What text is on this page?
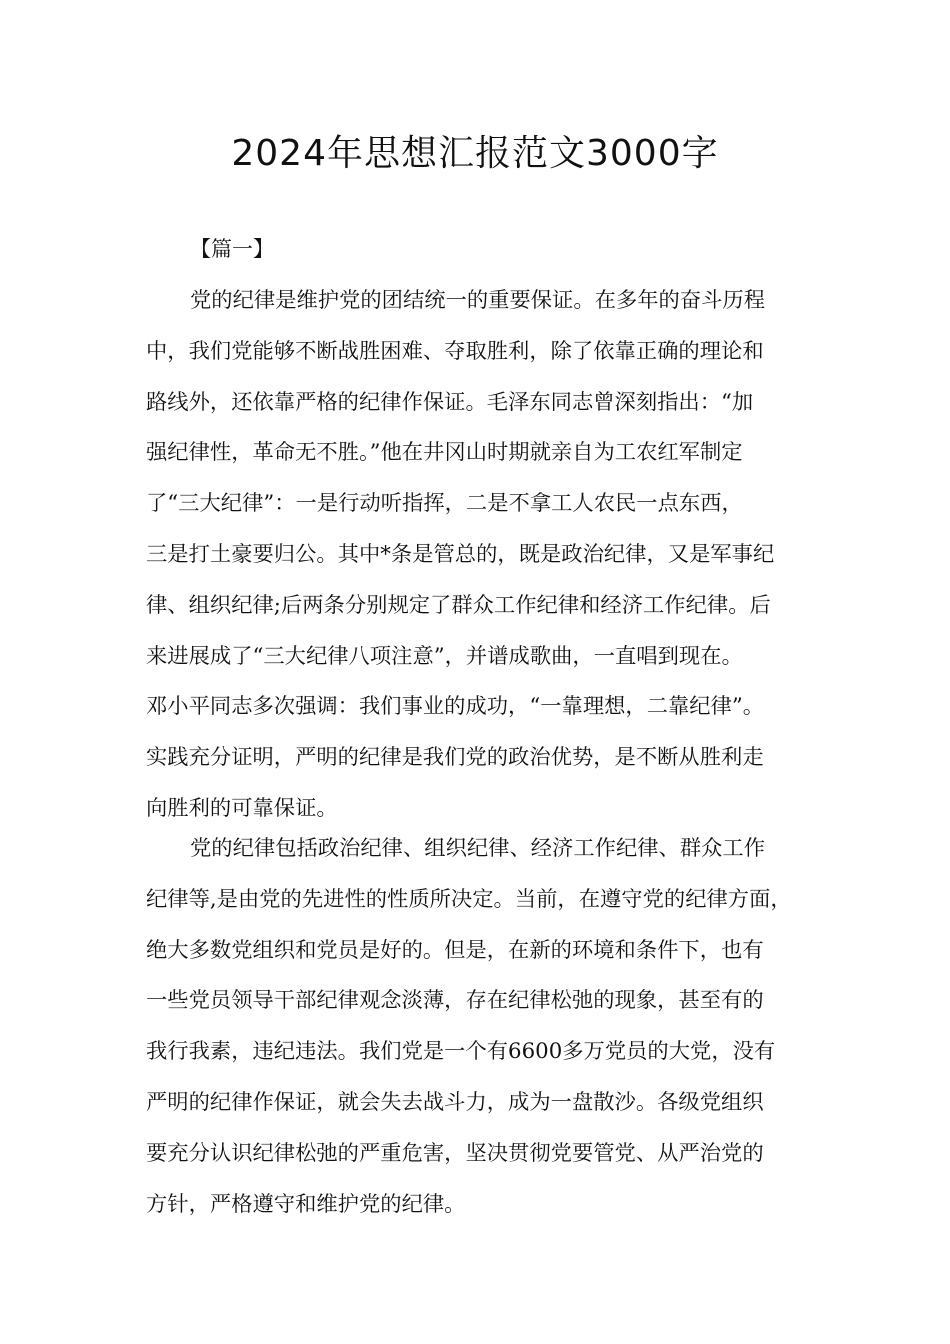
2024年思想汇报范文3000字
【篇一】
党的纪律是维护党的团结统一的重要保证。在多年的奋斗历程
中，我们党能够不断战胜困难、夺取胜利，除了依靠正确的理论和
路线外，还依靠严格的纪律作保证。毛泽东同志曾深刻指出：“加
强纪律性，革命无不胜。”他在井冈山时期就亲自为工农红军制定
了“三大纪律”：一是行动听指挥，二是不拿工人农民一点东西，
三是打土豪要归公。其中*条是管总的，既是政治纪律，又是军事纪
律、组织纪律;后两条分别规定了群众工作纪律和经济工作纪律。后
来进展成了“三大纪律八项注意”，并谱成歌曲，一直唱到现在。
邓小平同志多次强调：我们事业的成功，“一靠理想，二靠纪律”。
实践充分证明，严明的纪律是我们党的政治优势，是不断从胜利走
向胜利的可靠保证。
党的纪律包括政治纪律、组织纪律、经济工作纪律、群众工作
纪律等,是由党的先进性的性质所决定。当前，在遵守党的纪律方面，
绝大多数党组织和党员是好的。但是，在新的环境和条件下，也有
一些党员领导干部纪律观念淡薄，存在纪律松弛的现象，甚至有的
我行我素，违纪违法。我们党是一个有6600多万党员的大党，没有
严明的纪律作保证，就会失去战斗力，成为一盘散沙。各级党组织
要充分认识纪律松弛的严重危害，坚决贯彻党要管党、从严治党的
方针，严格遵守和维护党的纪律。
